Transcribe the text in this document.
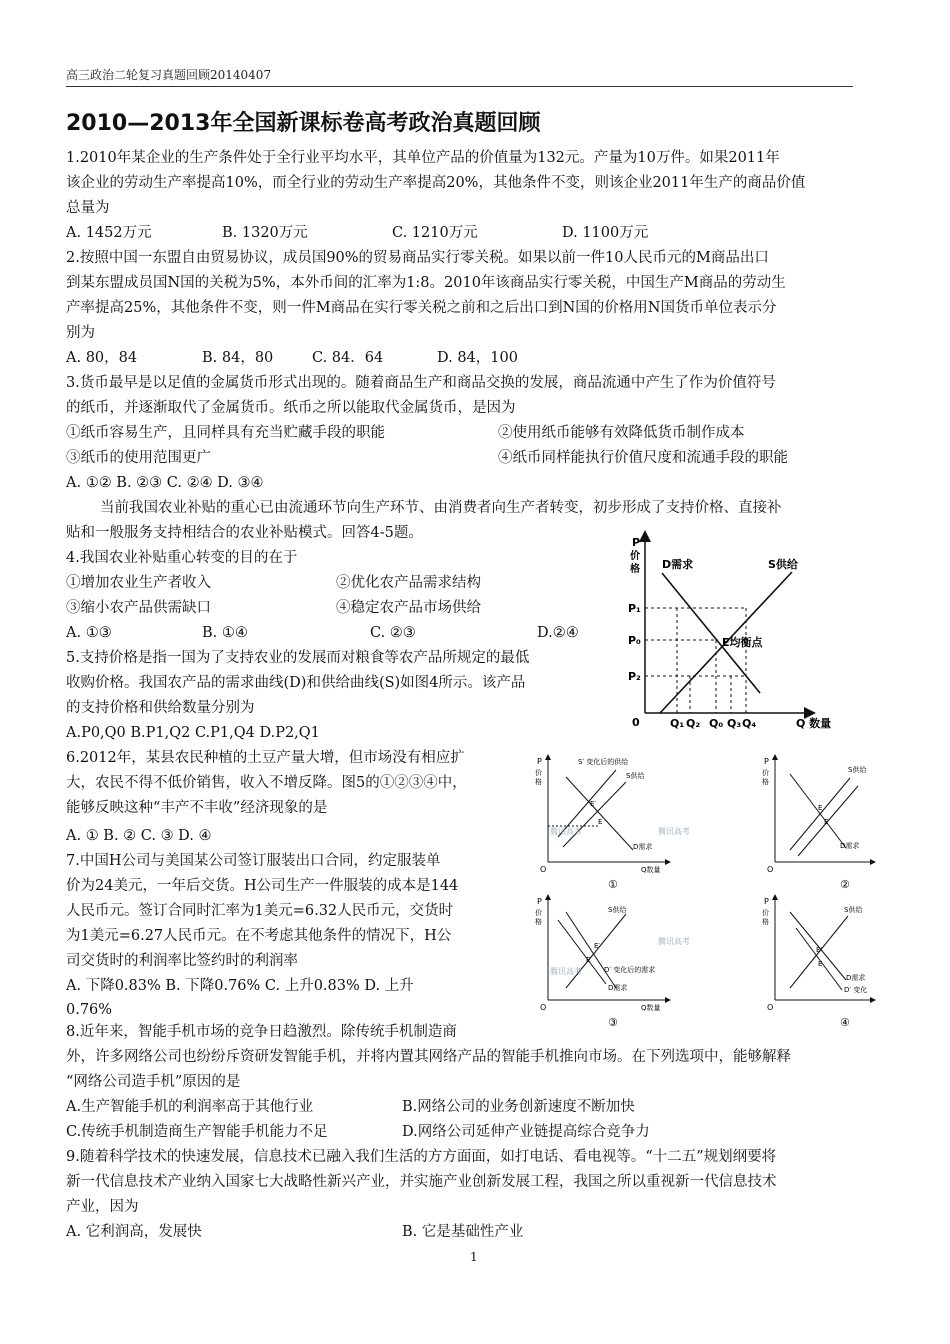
高三政治二轮复习真题回顾20140407
2010—2013年全国新课标卷高考政治真题回顾
1.2010年某企业的生产条件处于全行业平均水平，其单位产品的价值量为132元。产量为10万件。如果2011年
该企业的劳动生产率提高10%，而全行业的劳动生产率提高20%，其他条件不变，则该企业2011年生产的商品价值
总量为
A. 1452万元	B. 1320万元	C. 1210万元	D. 1100万元
2.按照中国一东盟自由贸易协议，成员国90%的贸易商品实行零关税。如果以前一件10人民币元的M商品出口
到某东盟成员国N国的关税为5%，本外币间的汇率为1:8。2010年该商品实行零关税，中国生产M商品的劳动生
产率提高25%，其他条件不变，则一件M商品在实行零关税之前和之后出口到N国的价格用N国货币单位表示分
别为
A. 80，84	B. 84，80	C. 84．64	D. 84，100
3.货币最早是以足值的金属货币形式出现的。随着商品生产和商品交换的发展，商品流通中产生了作为价值符号
的纸币，并逐渐取代了金属货币。纸币之所以能取代金属货币，是因为
①纸币容易生产，且同样具有充当贮藏手段的职能	②使用纸币能够有效降低货币制作成本
③纸币的使用范围更广	④纸币同样能执行价值尺度和流通手段的职能
A. ①② B. ②③ C. ②④ D. ③④
当前我国农业补贴的重心已由流通环节向生产环节、由消费者向生产者转变，初步形成了支持价格、直接补
贴和一般服务支持相结合的农业补贴模式。回答4-5题。
4.我国农业补贴重心转变的目的在于
①增加农业生产者收入	②优化农产品需求结构
③缩小农产品供需缺口	④稳定农产品市场供给
A. ①③	B. ①④	C. ②③	D.②④
5.支持价格是指一国为了支持农业的发展而对粮食等农产品所规定的最低
收购价格。我国农产品的需求曲线(D)和供给曲线(S)如图4所示。该产品
的支持价格和供给数量分别为
A.P0,Q0 B.P1,Q2 C.P1,Q4 D.P2,Q1
6.2012年，某县农民种植的土豆产量大增，但市场没有相应扩
大，农民不得不低价销售，收入不增反降。图5的①②③④中，
能够反映这种“丰产不丰收”经济现象的是
A. ① B. ② C. ③ D. ④
7.中国H公司与美国某公司签订服装出口合同，约定服装单
价为24美元，一年后交货。H公司生产一件服装的成本是144
人民币元。签订合同时汇率为1美元=6.32人民币元，交货时
为1美元=6.27人民币元。在不考虑其他条件的情况下，H公
司交货时的利润率比签约时的利润率
A. 下降0.83% B. 下降0.76% C. 上升0.83% D. 上升
0.76%
8.近年来，智能手机市场的竞争日趋激烈。除传统手机制造商
外，许多网络公司也纷纷斥资研发智能手机，并将内置其网络产品的智能手机推向市场。在下列选项中，能够解释
“网络公司造手机”原因的是
A.生产智能手机的利润率高于其他行业	B.网络公司的业务创新速度不断加快
C.传统手机制造商生产智能手机能力不足	D.网络公司延伸产业链提高综合竞争力
9.随着科学技术的快速发展，信息技术已融入我们生活的方方面面，如打电话、看电视等。“十二五”规划纲要将
新一代信息技术产业纳入国家七大战略性新兴产业，并实施产业创新发展工程，我国之所以重视新一代信息技术
产业，因为
A. 它利润高，发展快	B. 它是基础性产业
1
P
价
格 D需求	S供给
P₁
P₀
P₂
E均衡点
0	Q₁ Q₂ Q₀ Q₃ Q₄	Q 数量
P
价
格
O	Q数量
S′ 变化后的供给
S供给
D需求
E′
E
①
P
价
格
O
S供给
E
E′
D需求
②
P
价
格
O	Q数量
S供给
E′
E
D′ 变化后的需求
D需求
③
P
价
格
O
S供给
E′
E
D需求
D′ 变化
④
腾讯高考	腾讯高考
腾讯高考
腾讯高考
